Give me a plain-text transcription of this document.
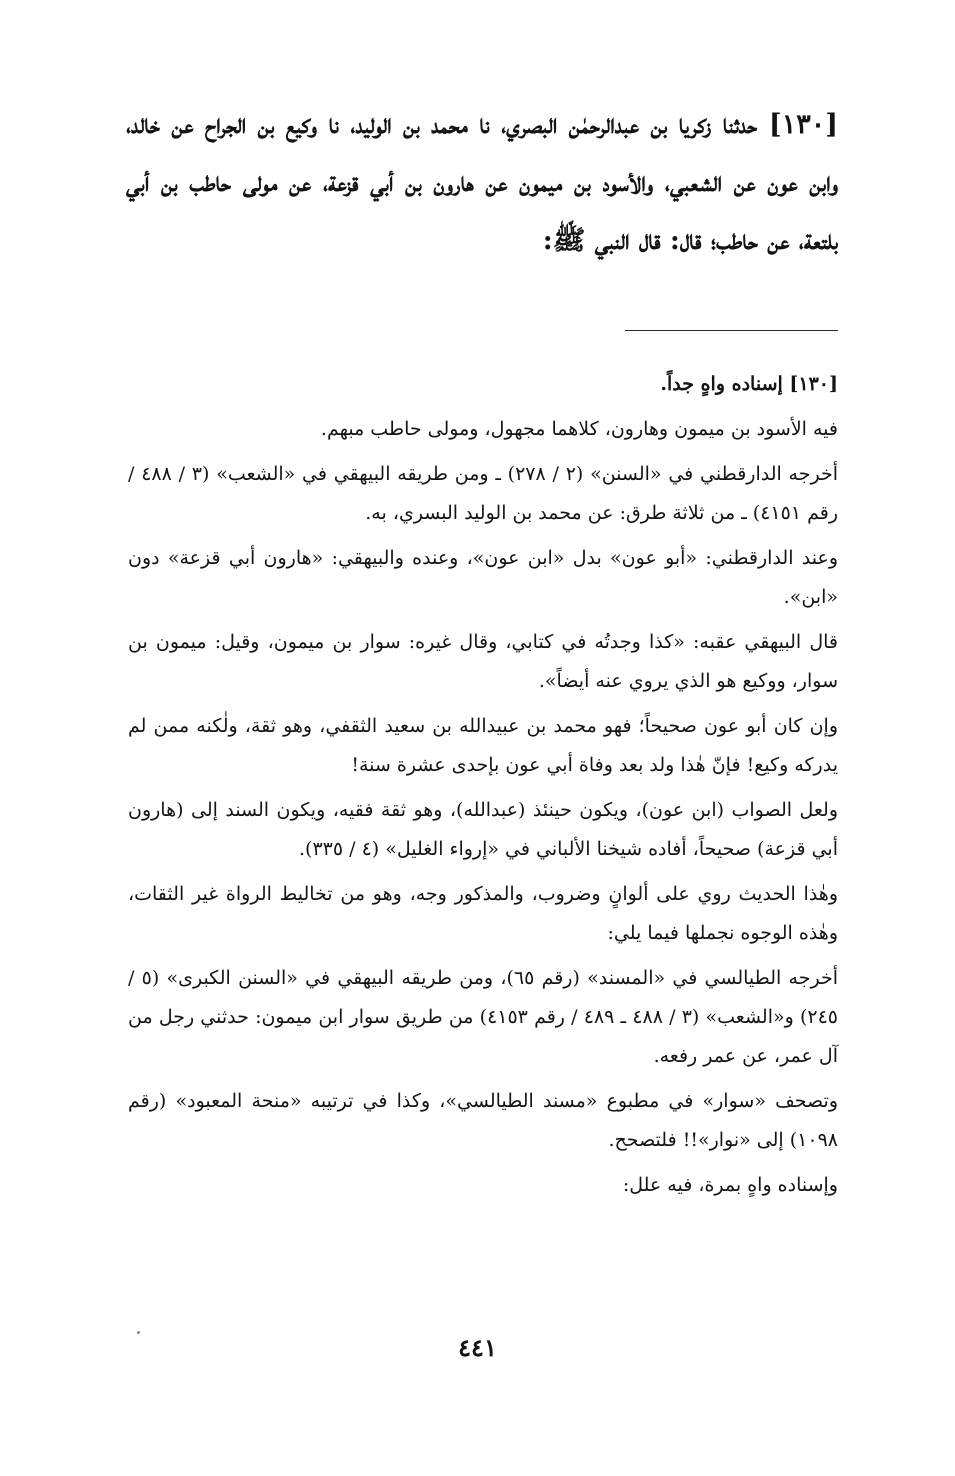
[١٣٠] حدثنا زكريا بن عبدالرحمٰن البصري، نا محمد بن الوليد، نا وكيع بن الجراح عن خالد، وابن عون عن الشعبي، والأسود بن ميمون عن هارون بن أبي قزعة، عن مولى حاطب بن أبي بلتعة، عن حاطب؛ قال: قال النبي ﷺ:

[١٣٠] إسناده واهٍ جداً.

فيه الأسود بن ميمون وهارون، كلاهما مجهول، ومولى حاطب مبهم.

أخرجه الدارقطني في «السنن» (٢ / ٢٧٨) ـ ومن طريقه البيهقي في «الشعب» (٣ / ٤٨٨ / رقم ٤١٥١) ـ من ثلاثة طرق: عن محمد بن الوليد البسري، به.

وعند الدارقطني: «أبو عون» بدل «ابن عون»، وعنده والبيهقي: «هارون أبي قزعة» دون «ابن».

قال البيهقي عقبه: «كذا وجدتُه في كتابي، وقال غيره: سوار بن ميمون، وقيل: ميمون بن سوار، ووكيع هو الذي يروي عنه أيضاً».

وإن كان أبو عون صحيحاً؛ فهو محمد بن عبيدالله بن سعيد الثقفي، وهو ثقة، ولٰكنه ممن لم يدركه وكيع! فإنّ هٰذا ولد بعد وفاة أبي عون بإحدى عشرة سنة!

ولعل الصواب (ابن عون)، ويكون حينئذ (عبدالله)، وهو ثقة فقيه، ويكون السند إلى (هارون أبي قزعة) صحيحاً، أفاده شيخنا الألباني في «إرواء الغليل» (٤ / ٣٣٥).

وهٰذا الحديث روي على ألوانٍ وضروب، والمذكور وجه، وهو من تخاليط الرواة غير الثقات، وهٰذه الوجوه نجملها فيما يلي:

أخرجه الطيالسي في «المسند» (رقم ٦٥)، ومن طريقه البيهقي في «السنن الكبرى» (٥ / ٢٤٥) و«الشعب» (٣ / ٤٨٨ ـ ٤٨٩ / رقم ٤١٥٣) من طريق سوار ابن ميمون: حدثني رجل من آل عمر، عن عمر رفعه.

وتصحف «سوار» في مطبوع «مسند الطيالسي»، وكذا في ترتيبه «منحة المعبود» (رقم ١٠٩٨) إلى «نوار»!! فلتصحح.

وإسناده واهٍ بمرة، فيه علل:

٤٤١
